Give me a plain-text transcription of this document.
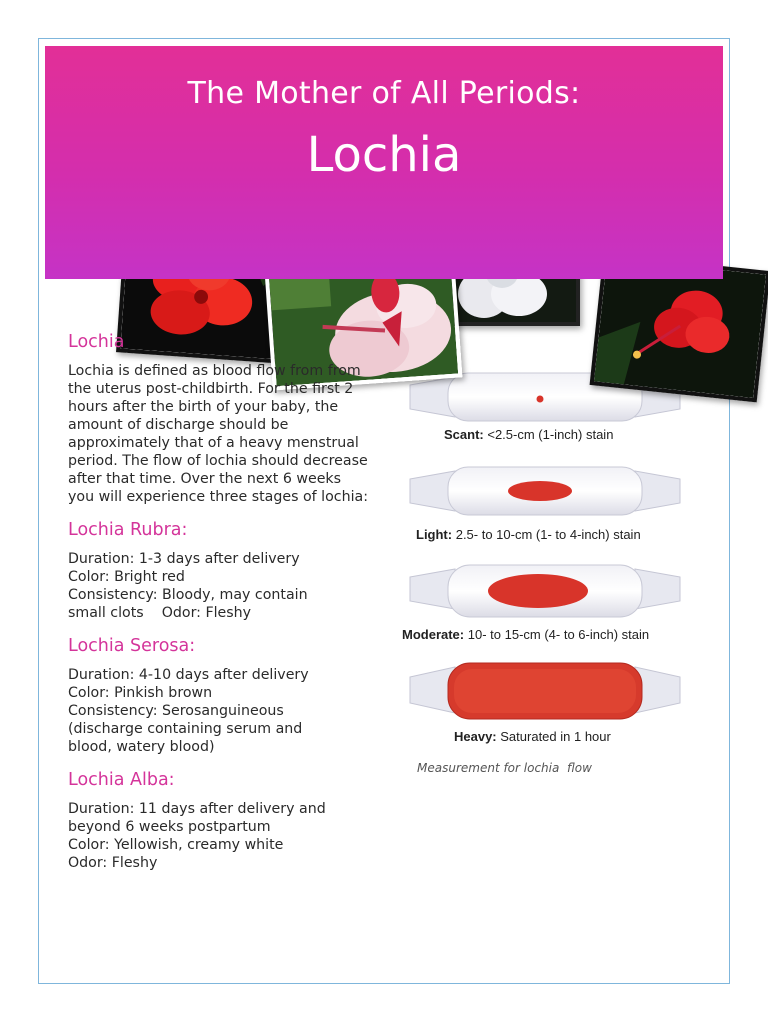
The Mother of All Periods:
Lochia
Lochia

Lochia is defined as blood flow from from the uterus post-childbirth. For the first 2 hours after the birth of your baby, the amount of discharge should be approximately that of a heavy menstrual period. The flow of lochia should decrease after that time. Over the next 6 weeks you will experience three stages of lochia:

Lochia Rubra:
Duration: 1-3 days after delivery
Color: Bright red
Consistency: Bloody, may contain
small clots    Odor: Fleshy
Lochia Serosa:
Duration: 4-10 days after delivery
Color: Pinkish brown
Consistency: Serosanguineous
(discharge containing serum and
blood, watery blood)
Lochia Alba:
Duration: 11 days after delivery and
beyond 6 weeks postpartum
Color: Yellowish, creamy white
Odor: Fleshy
Scant: <2.5-cm (1-inch) stain
Light: 2.5- to 10-cm (1- to 4-inch) stain
Moderate: 10- to 15-cm (4- to 6-inch) stain
Heavy: Saturated in 1 hour
Measurement for lochia  flow
